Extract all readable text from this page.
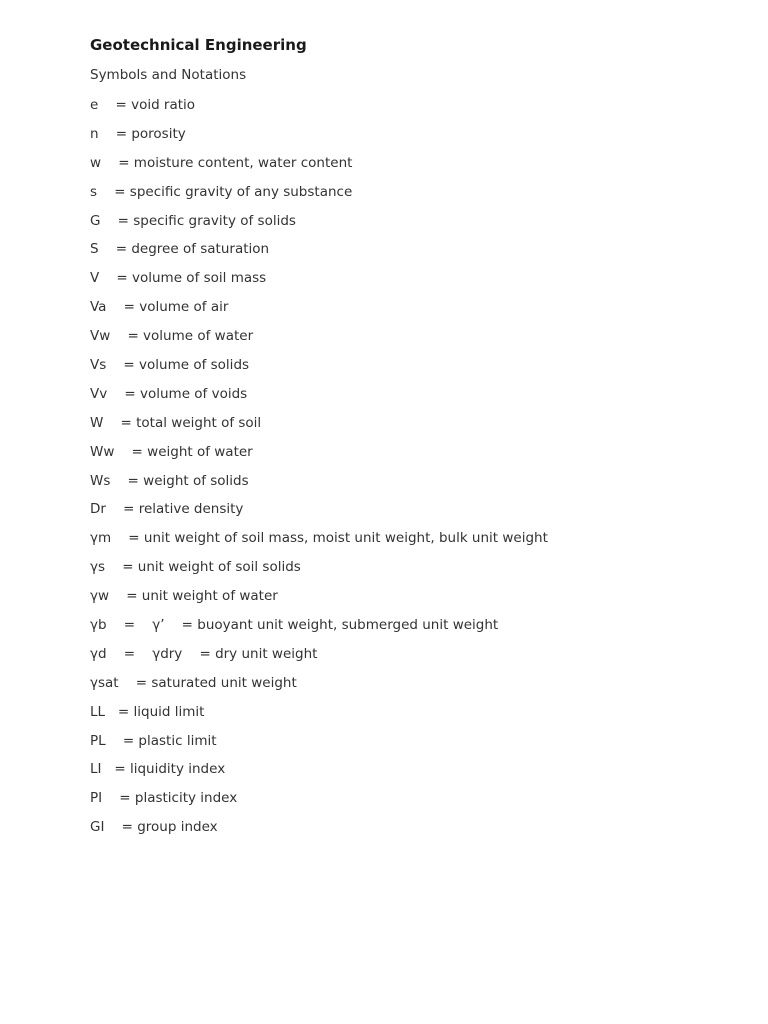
Geotechnical Engineering
Symbols and Notations
e    = void ratio
n    = porosity
w    = moisture content, water content
s    = specific gravity of any substance
G    = specific gravity of solids
S    = degree of saturation
V    = volume of soil mass
Va    = volume of air
Vw    = volume of water
Vs    = volume of solids
Vv    = volume of voids
W    = total weight of soil
Ww    = weight of water
Ws    = weight of solids
Dr    = relative density
γm    = unit weight of soil mass, moist unit weight, bulk unit weight
γs    = unit weight of soil solids
γw    = unit weight of water
γb    =    γ’    = buoyant unit weight, submerged unit weight
γd    =    γdry    = dry unit weight
γsat    = saturated unit weight
LL   = liquid limit
PL    = plastic limit
LI   = liquidity index
PI    = plasticity index
GI    = group index
